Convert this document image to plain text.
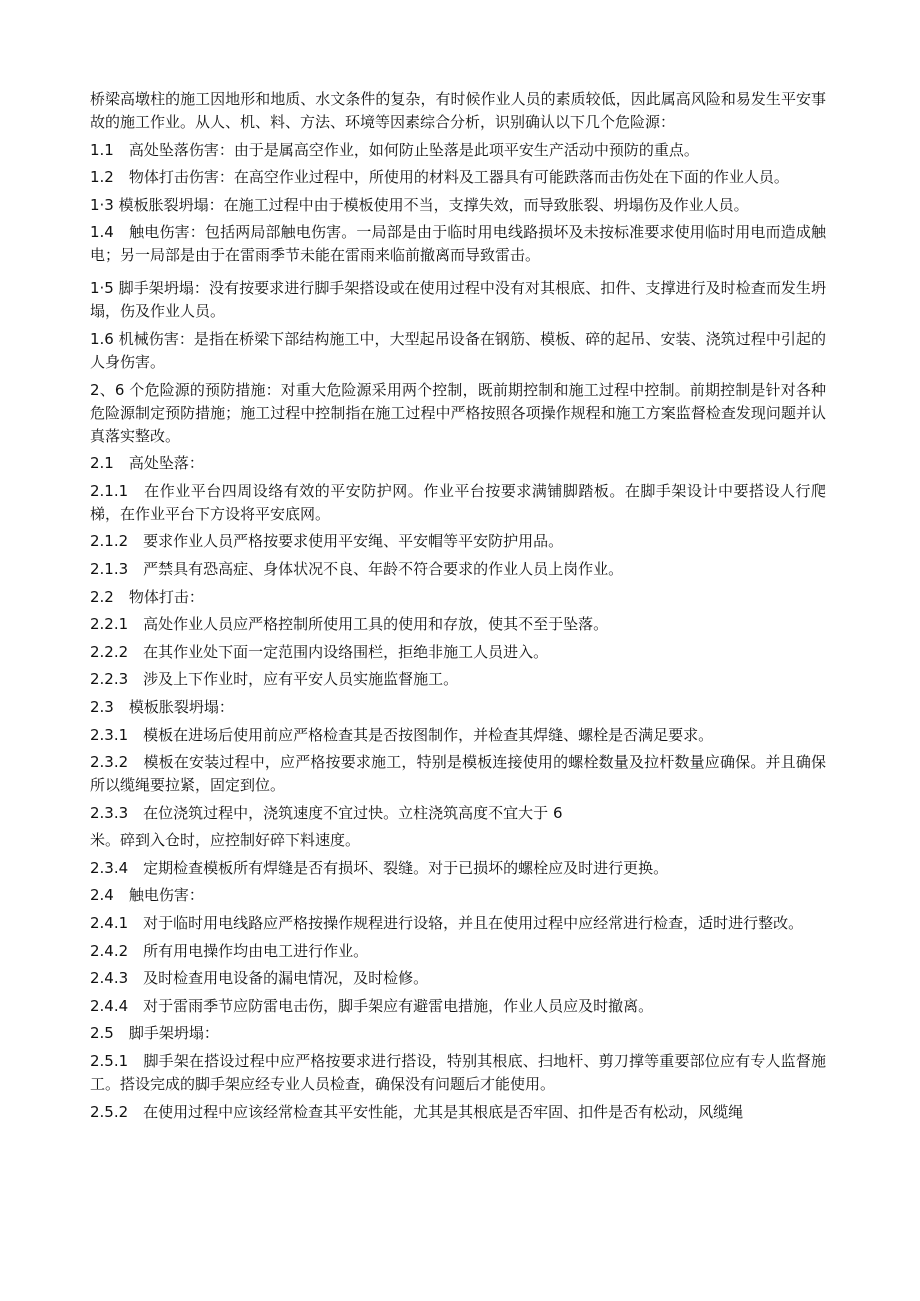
桥梁高墩柱的施工因地形和地质、水文条件的复杂，有时候作业人员的素质较低，因此属高风险和易发生平安事故的施工作业。从人、机、料、方法、环境等因素综合分析，识别确认以下几个危险源：

1.1　高处坠落伤害：由于是属高空作业，如何防止坠落是此项平安生产活动中预防的重点。

1.2　物体打击伤害：在高空作业过程中，所使用的材料及工器具有可能跌落而击伤处在下面的作业人员。

1·3 模板胀裂坍塌：在施工过程中由于模板使用不当，支撑失效，而导致胀裂、坍塌伤及作业人员。

1.4　触电伤害：包括两局部触电伤害。一局部是由于临时用电线路损坏及未按标准要求使用临时用电而造成触电；另一局部是由于在雷雨季节未能在雷雨来临前撤离而导致雷击。

1·5 脚手架坍塌：没有按要求进行脚手架搭设或在使用过程中没有对其根底、扣件、支撑进行及时检查而发生坍塌，伤及作业人员。

1.6 机械伤害：是指在桥梁下部结构施工中，大型起吊设备在钢筋、模板、碎的起吊、安装、浇筑过程中引起的人身伤害。

2、6 个危险源的预防措施：对重大危险源采用两个控制，既前期控制和施工过程中控制。前期控制是针对各种危险源制定预防措施；施工过程中控制指在施工过程中严格按照各项操作规程和施工方案监督检查发现问题并认真落实整改。

2.1　高处坠落：

2.1.1　在作业平台四周设络有效的平安防护网。作业平台按要求满铺脚踏板。在脚手架设计中要搭设人行爬梯，在作业平台下方设将平安底网。

2.1.2　要求作业人员严格按要求使用平安绳、平安帽等平安防护用品。

2.1.3　严禁具有恐高症、身体状况不良、年龄不符合要求的作业人员上岗作业。

2.2　物体打击：

2.2.1　高处作业人员应严格控制所使用工具的使用和存放，使其不至于坠落。

2.2.2　在其作业处下面一定范围内设络围栏，拒绝非施工人员进入。

2.2.3　涉及上下作业时，应有平安人员实施监督施工。

2.3　模板胀裂坍塌：

2.3.1　模板在进场后使用前应严格检查其是否按图制作，并检查其焊缝、螺栓是否满足要求。

2.3.2　模板在安装过程中，应严格按要求施工，特别是模板连接使用的螺栓数量及拉杆数量应确保。并且确保所以缆绳要拉紧，固定到位。

2.3.3　在位浇筑过程中，浇筑速度不宜过快。立柱浇筑高度不宜大于 6

米。碎到入仓时，应控制好碎下料速度。

2.3.4　定期检查模板所有焊缝是否有损坏、裂缝。对于已损坏的螺栓应及时进行更换。

2.4　触电伤害：

2.4.1　对于临时用电线路应严格按操作规程进行设辂，并且在使用过程中应经常进行检查，适时进行整改。

2.4.2　所有用电操作均由电工进行作业。

2.4.3　及时检查用电设备的漏电情况，及时检修。

2.4.4　对于雷雨季节应防雷电击伤，脚手架应有避雷电措施，作业人员应及时撤离。

2.5　脚手架坍塌：

2.5.1　脚手架在搭设过程中应严格按要求进行搭设，特别其根底、扫地杆、剪刀撑等重要部位应有专人监督施工。搭设完成的脚手架应经专业人员检查，确保没有问题后才能使用。

2.5.2　在使用过程中应该经常检查其平安性能，尤其是其根底是否牢固、扣件是否有松动，风缆绳
